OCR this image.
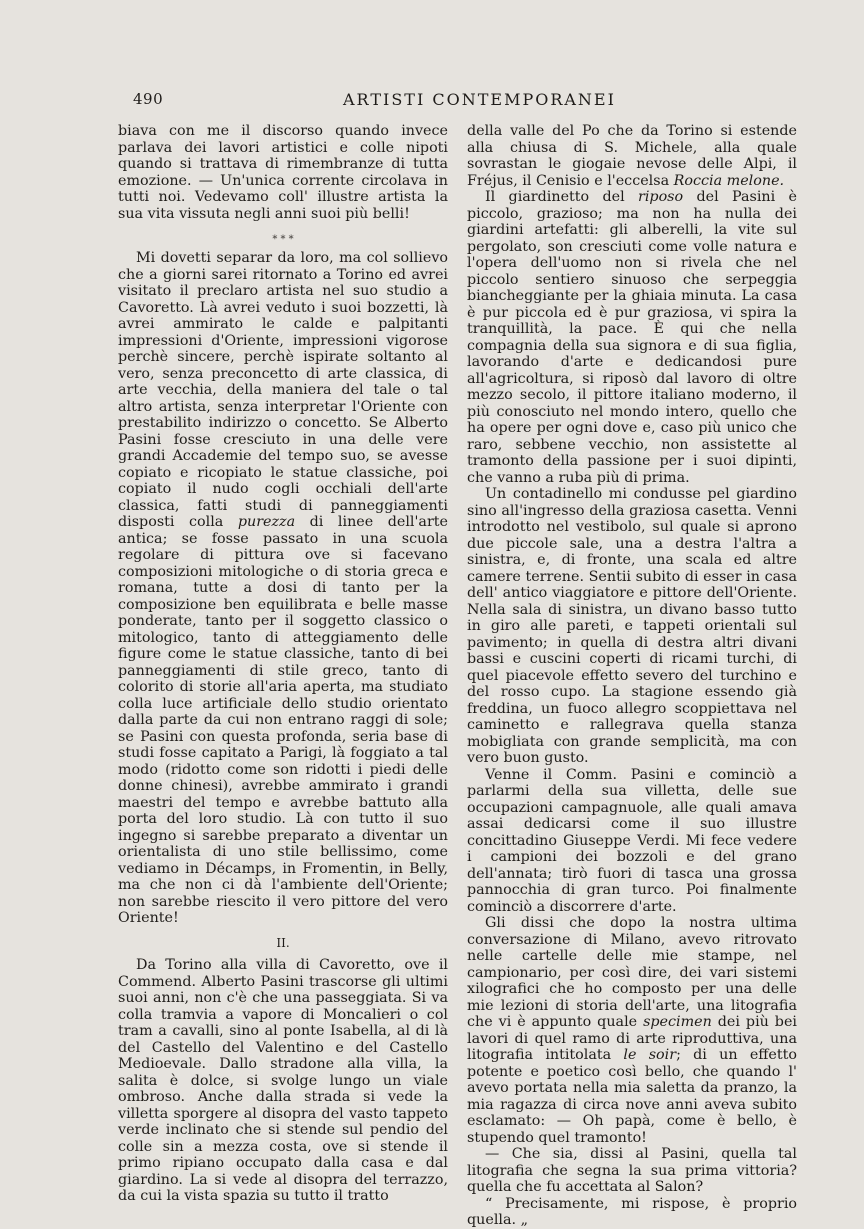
490	ARTISTI CONTEMPORANEI

biava con me il discorso quando invece parlava dei lavori artistici e colle nipoti quando si trattava di rimembranze di tutta emozione. — Un'unica corrente circolava in tutti noi. Vedevamo coll' illustre artista la sua vita vissuta negli anni suoi più belli!

* * *

Mi dovetti separar da loro, ma col sollievo che a giorni sarei ritornato a Torino ed avrei visitato il preclaro artista nel suo studio a Cavoretto. Là avrei veduto i suoi bozzetti, là avrei ammirato le calde e palpitanti impressioni d'Oriente, impressioni vigorose perchè sincere, perchè ispirate soltanto al vero, senza preconcetto di arte classica, di arte vecchia, della maniera del tale o tal altro artista, senza interpretar l'Oriente con prestabilito indirizzo o concetto. Se Alberto Pasini fosse cresciuto in una delle vere grandi Accademie del tempo suo, se avesse copiato e ricopiato le statue classiche, poi copiato il nudo cogli occhiali dell'arte classica, fatti studi di panneggiamenti disposti colla purezza di linee dell'arte antica; se fosse passato in una scuola regolare di pittura ove si facevano composizioni mitologiche o di storia greca e romana, tutte a dosi di tanto per la composizione ben equilibrata e belle masse ponderate, tanto per il soggetto classico o mitologico, tanto di atteggiamento delle figure come le statue classiche, tanto di bei panneggiamenti di stile greco, tanto di colorito di storie all'aria aperta, ma studiato colla luce artificiale dello studio orientato dalla parte da cui non entrano raggi di sole; se Pasini con questa profonda, seria base di studi fosse capitato a Parigi, là foggiato a tal modo (ridotto come son ridotti i piedi delle donne chinesi), avrebbe ammirato i grandi maestri del tempo e avrebbe battuto alla porta del loro studio. Là con tutto il suo ingegno si sarebbe preparato a diventar un orientalista di uno stile bellissimo, come vediamo in Décamps, in Fromentin, in Belly, ma che non ci dà l'ambiente dell'Oriente; non sarebbe riescito il vero pittore del vero Oriente!

II.

Da Torino alla villa di Cavoretto, ove il Commend. Alberto Pasini trascorse gli ultimi suoi anni, non c'è che una passeggiata. Si va colla tramvia a vapore di Moncalieri o col tram a cavalli, sino al ponte Isabella, al di là del Castello del Valentino e del Castello Medioevale. Dallo stradone alla villa, la salita è dolce, si svolge lungo un viale ombroso. Anche dalla strada si vede la villetta sporgere al disopra del vasto tappeto verde inclinato che si stende sul pendio del colle sin a mezza costa, ove si stende il primo ripiano occupato dalla casa e dal giardino. La si vede al disopra del terrazzo, da cui la vista spazia su tutto il tratto

della valle del Po che da Torino si estende alla chiusa di S. Michele, alla quale sovrastan le giogaie nevose delle Alpi, il Fréjus, il Cenisio e l'eccelsa Roccia melone.

Il giardinetto del riposo del Pasini è piccolo, grazioso; ma non ha nulla dei giardini artefatti: gli alberelli, la vite sul pergolato, son cresciuti come volle natura e l'opera dell'uomo non si rivela che nel piccolo sentiero sinuoso che serpeggia biancheggiante per la ghiaia minuta. La casa è pur piccola ed è pur graziosa, vi spira la tranquillità, la pace. È qui che nella compagnia della sua signora e di sua figlia, lavorando d'arte e dedicandosi pure all'agricoltura, si riposò dal lavoro di oltre mezzo secolo, il pittore italiano moderno, il più conosciuto nel mondo intero, quello che ha opere per ogni dove e, caso più unico che raro, sebbene vecchio, non assistette al tramonto della passione per i suoi dipinti, che vanno a ruba più di prima.

Un contadinello mi condusse pel giardino sino all'ingresso della graziosa casetta. Venni introdotto nel vestibolo, sul quale si aprono due piccole sale, una a destra l'altra a sinistra, e, di fronte, una scala ed altre camere terrene. Sentii subito di esser in casa dell' antico viaggiatore e pittore dell'Oriente. Nella sala di sinistra, un divano basso tutto in giro alle pareti, e tappeti orientali sul pavimento; in quella di destra altri divani bassi e cuscini coperti di ricami turchi, di quel piacevole effetto severo del turchino e del rosso cupo. La stagione essendo già freddina, un fuoco allegro scoppiettava nel caminetto e rallegrava quella stanza mobigliata con grande semplicità, ma con vero buon gusto.

Venne il Comm. Pasini e cominciò a parlarmi della sua villetta, delle sue occupazioni campagnuole, alle quali amava assai dedicarsi come il suo illustre concittadino Giuseppe Verdi. Mi fece vedere i campioni dei bozzoli e del grano dell'annata; tirò fuori di tasca una grossa pannocchia di gran turco. Poi finalmente cominciò a discorrere d'arte.

Gli dissi che dopo la nostra ultima conversazione di Milano, avevo ritrovato nelle cartelle delle mie stampe, nel campionario, per così dire, dei vari sistemi xilografici che ho composto per una delle mie lezioni di storia dell'arte, una litografia che vi è appunto quale specimen dei più bei lavori di quel ramo di arte riproduttiva, una litografia intitolata le soir; di un effetto potente e poetico così bello, che quando l' avevo portata nella mia saletta da pranzo, la mia ragazza di circa nove anni aveva subito esclamato: — Oh papà, come è bello, è stupendo quel tramonto!

— Che sia, dissi al Pasini, quella tal litografia che segna la sua prima vittoria? quella che fu accettata al Salon?

“ Precisamente, mi rispose, è proprio quella. „
